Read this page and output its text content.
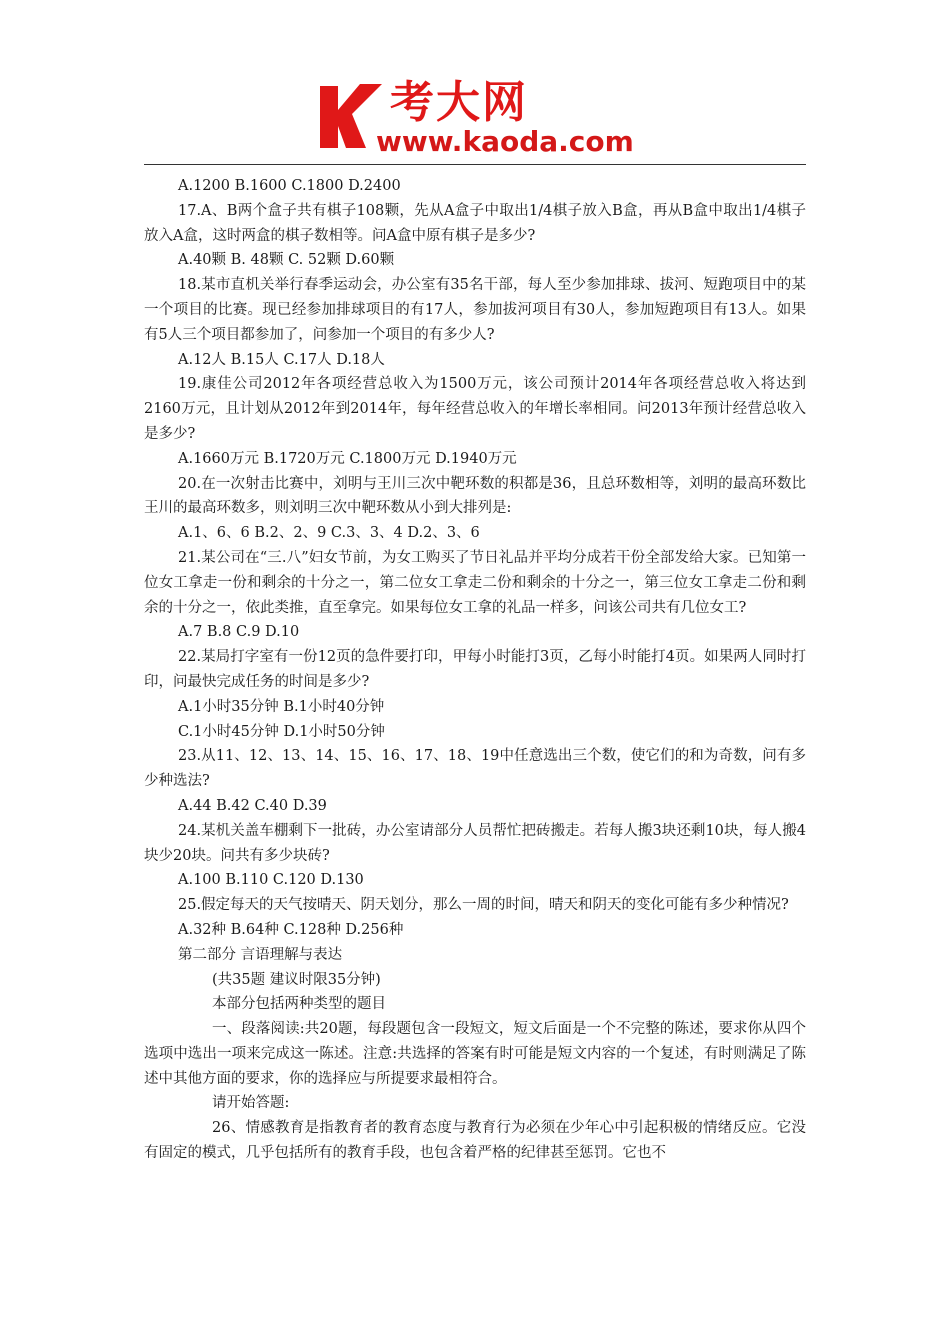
考大网
www.kaoda.com

A.1200 B.1600 C.1800 D.2400

17.A、B两个盒子共有棋子108颗，先从A盒子中取出1/4棋子放入B盒，再从B盒中取出1/4棋子放入A盒，这时两盒的棋子数相等。问A盒中原有棋子是多少?

A.40颗 B. 48颗 C. 52颗 D.60颗

18.某市直机关举行春季运动会，办公室有35名干部，每人至少参加排球、拔河、短跑项目中的某一个项目的比赛。现已经参加排球项目的有17人，参加拔河项目有30人，参加短跑项目有13人。如果有5人三个项目都参加了，问参加一个项目的有多少人?

A.12人 B.15人 C.17人 D.18人

19.康佳公司2012年各项经营总收入为1500万元，该公司预计2014年各项经营总收入将达到2160万元，且计划从2012年到2014年，每年经营总收入的年增长率相同。问2013年预计经营总收入是多少?

A.1660万元 B.1720万元 C.1800万元 D.1940万元

20.在一次射击比赛中，刘明与王川三次中靶环数的积都是36，且总环数相等，刘明的最高环数比王川的最高环数多，则刘明三次中靶环数从小到大排列是:

A.1、6、6 B.2、2、9 C.3、3、4 D.2、3、6

21.某公司在“三.八”妇女节前，为女工购买了节日礼品并平均分成若干份全部发给大家。已知第一位女工拿走一份和剩余的十分之一，第二位女工拿走二份和剩余的十分之一，第三位女工拿走二份和剩余的十分之一，依此类推，直至拿完。如果每位女工拿的礼品一样多，问该公司共有几位女工?

A.7 B.8 C.9 D.10

22.某局打字室有一份12页的急件要打印，甲每小时能打3页，乙每小时能打4页。如果两人同时打印，问最快完成任务的时间是多少?

A.1小时35分钟 B.1小时40分钟

C.1小时45分钟 D.1小时50分钟

23.从11、12、13、14、15、16、17、18、19中任意选出三个数，使它们的和为奇数，问有多少种选法?

A.44 B.42 C.40 D.39

24.某机关盖车棚剩下一批砖，办公室请部分人员帮忙把砖搬走。若每人搬3块还剩10块，每人搬4块少20块。问共有多少块砖?

A.100 B.110 C.120 D.130

25.假定每天的天气按晴天、阴天划分，那么一周的时间，晴天和阴天的变化可能有多少种情况?

A.32种 B.64种 C.128种 D.256种

第二部分 言语理解与表达

(共35题 建议时限35分钟)

本部分包括两种类型的题目

一、段落阅读:共20题，每段题包含一段短文，短文后面是一个不完整的陈述，要求你从四个选项中选出一项来完成这一陈述。注意:共选择的答案有时可能是短文内容的一个复述，有时则满足了陈述中其他方面的要求，你的选择应与所提要求最相符合。

请开始答题:

26、情感教育是指教育者的教育态度与教育行为必须在少年心中引起积极的情绪反应。它没有固定的模式，几乎包括所有的教育手段，也包含着严格的纪律甚至惩罚。它也不
